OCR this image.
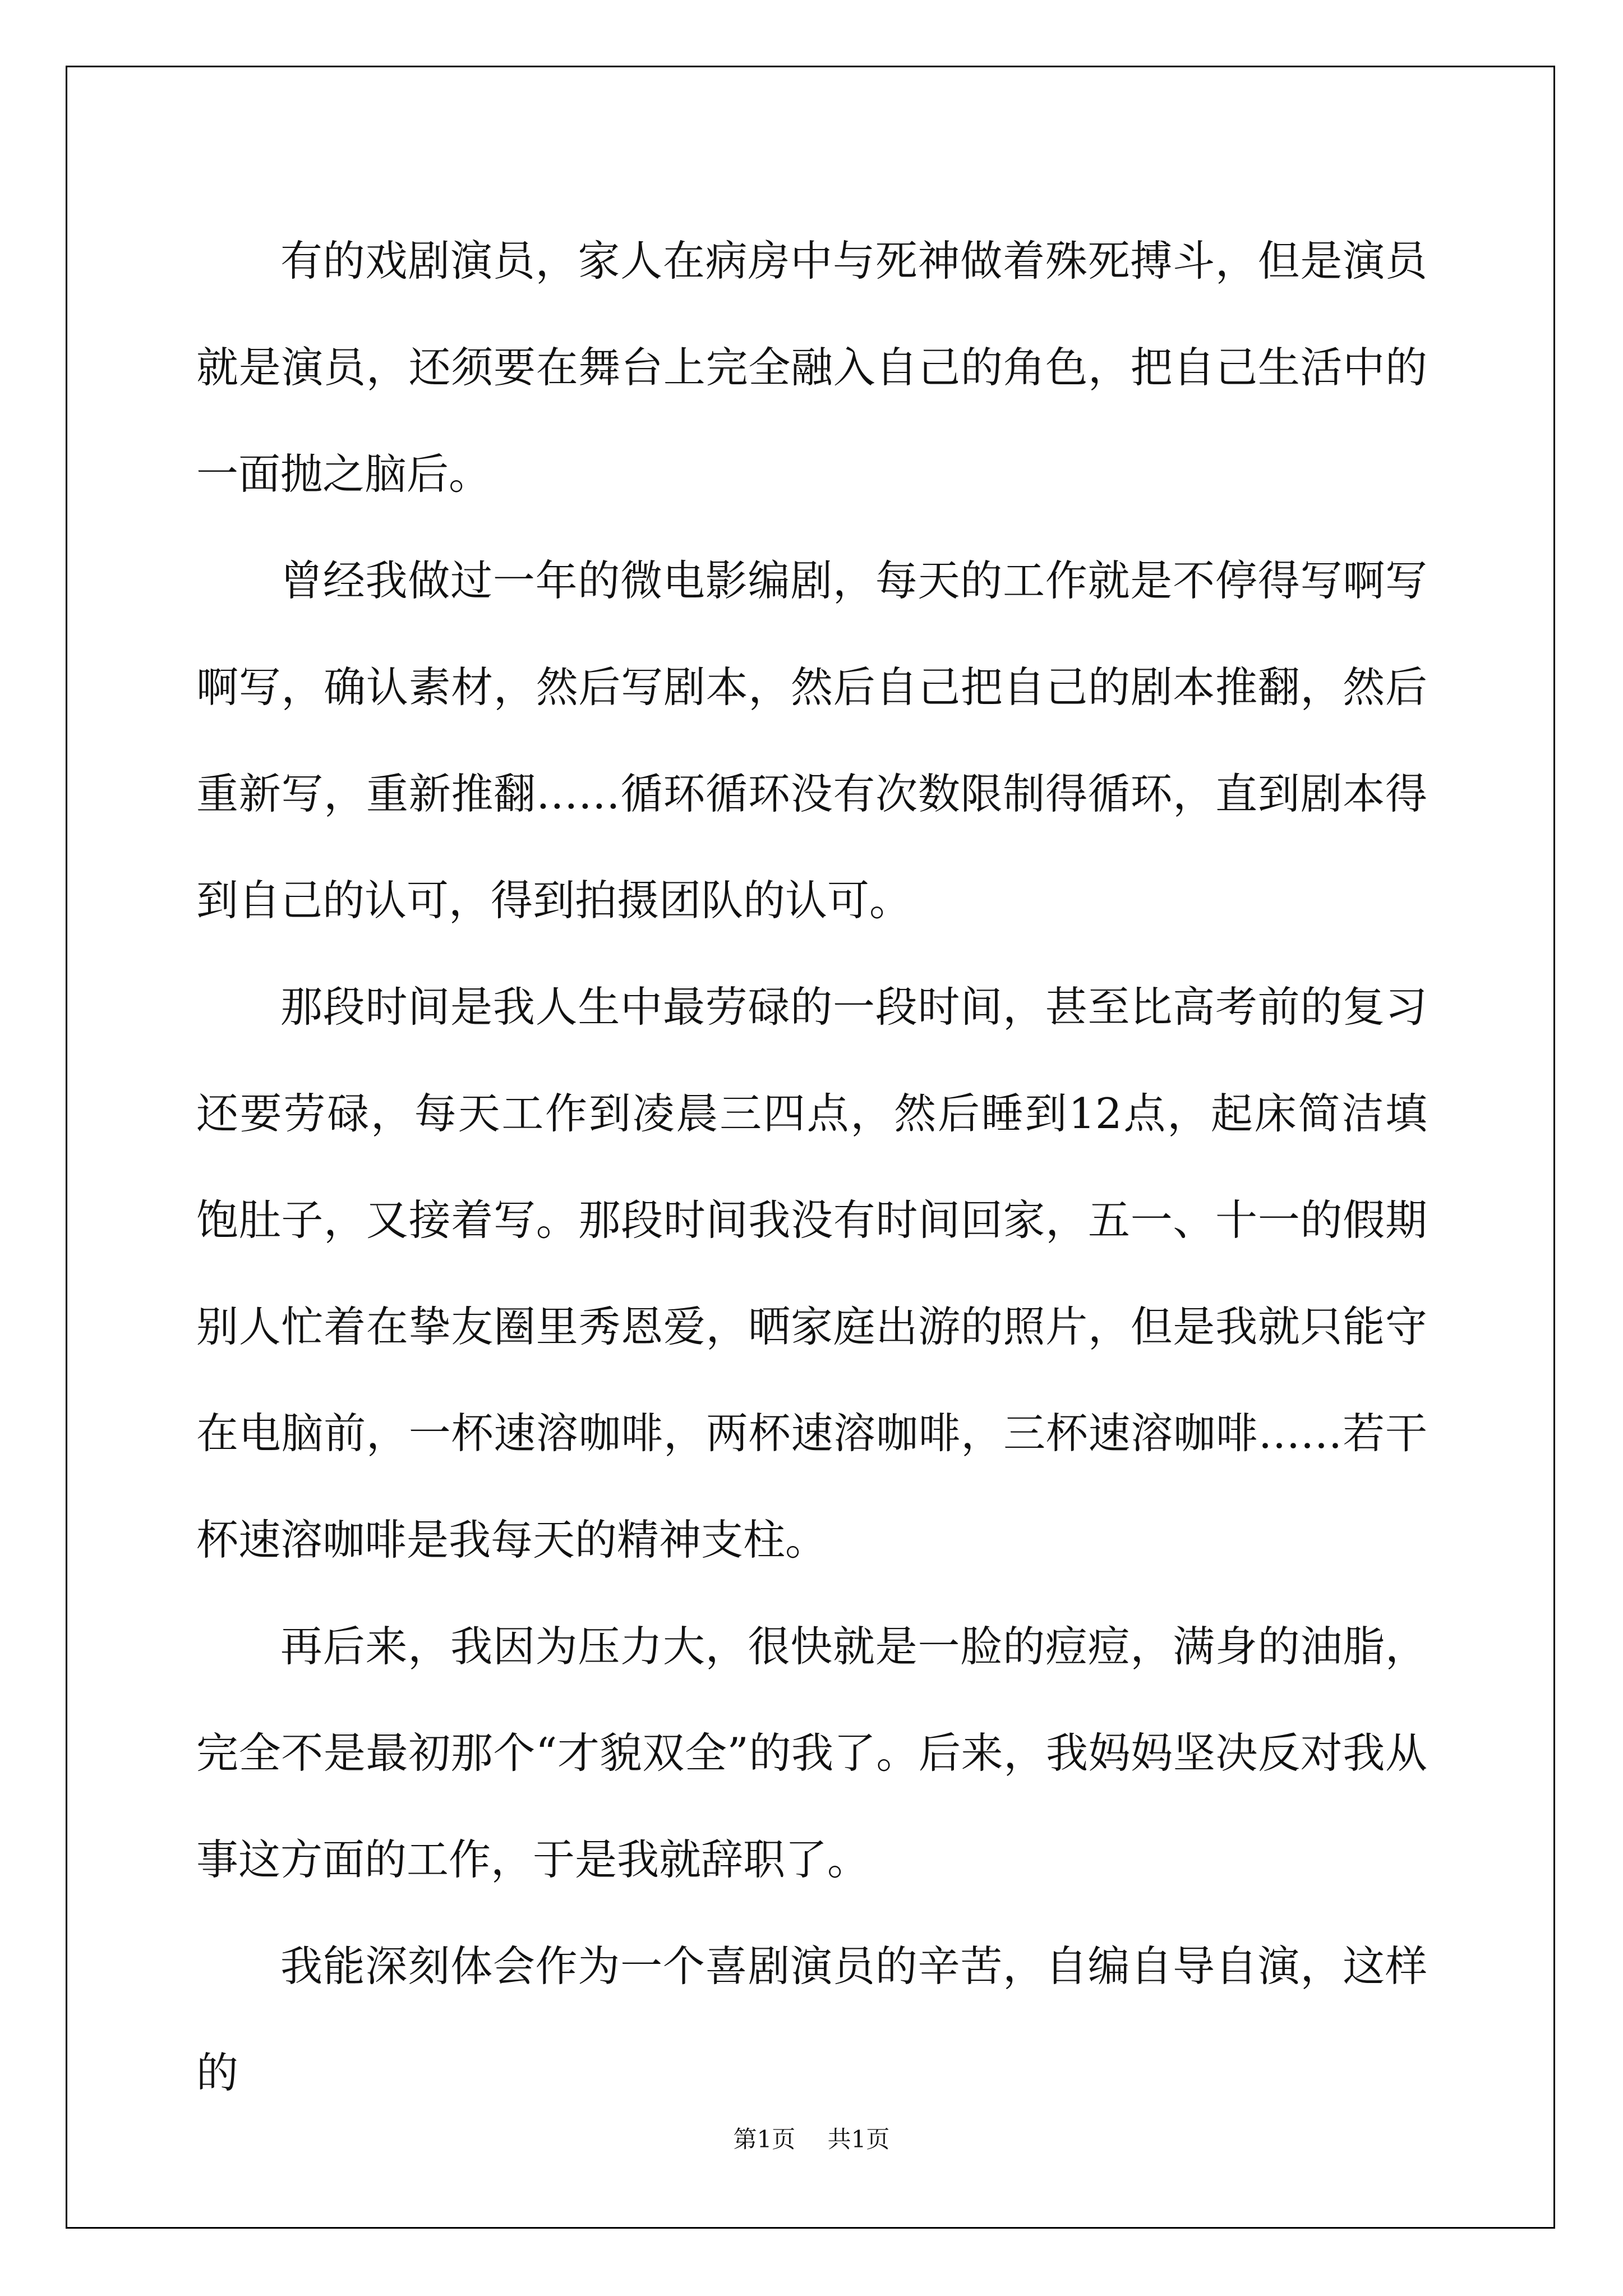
有的戏剧演员，家人在病房中与死神做着殊死搏斗，但是演员就是演员，还须要在舞台上完全融入自己的角色，把自己生活中的一面抛之脑后。

曾经我做过一年的微电影编剧，每天的工作就是不停得写啊写啊写，确认素材，然后写剧本，然后自己把自己的剧本推翻，然后重新写，重新推翻……循环循环没有次数限制得循环，直到剧本得到自己的认可，得到拍摄团队的认可。

那段时间是我人生中最劳碌的一段时间，甚至比高考前的复习还要劳碌，每天工作到凌晨三四点，然后睡到12点，起床简洁填饱肚子，又接着写。那段时间我没有时间回家，五一、十一的假期别人忙着在挚友圈里秀恩爱，晒家庭出游的照片，但是我就只能守在电脑前，一杯速溶咖啡，两杯速溶咖啡，三杯速溶咖啡……若干杯速溶咖啡是我每天的精神支柱。

再后来，我因为压力大，很快就是一脸的痘痘，满身的油脂，完全不是最初那个“才貌双全”的我了。后来，我妈妈坚决反对我从事这方面的工作，于是我就辞职了。

我能深刻体会作为一个喜剧演员的辛苦，自编自导自演，这样的

第1页 共1页
